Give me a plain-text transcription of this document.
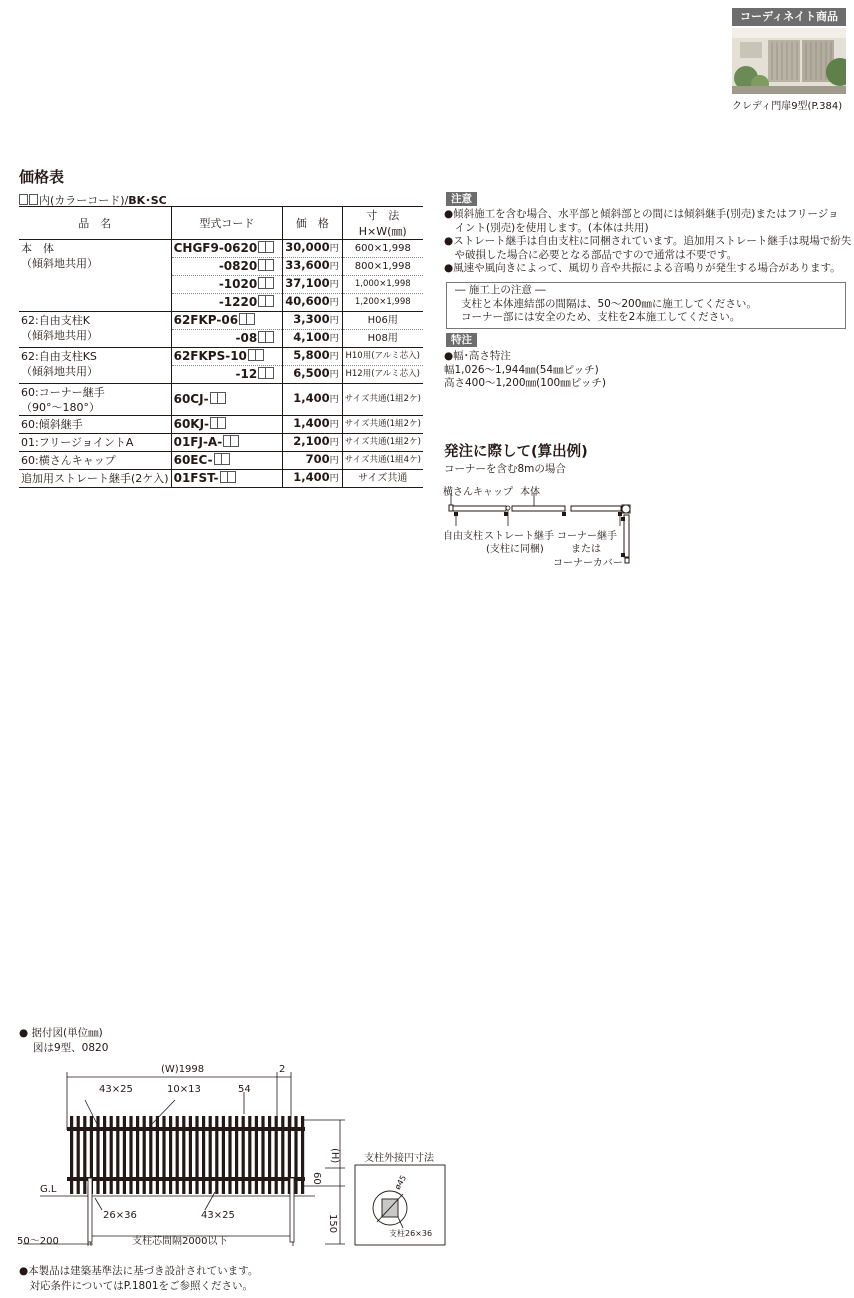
コーディネイト商品
クレディ門扉9型(P.384)
価格表
内(カラーコード)/BK･SC
品　名	型式コード	価　格	寸　法
H×W(㎜)

本　体
（傾斜地共用）	CHGF9-0620	30,000円	600×1,998
	-0820	33,600円	800×1,998
	-1020	37,100円	1,000×1,998
	-1220	40,600円	1,200×1,998

62:自由支柱K
（傾斜地共用）	62FKP-06	3,300円	H06用
	-08	4,100円	H08用

62:自由支柱KS
（傾斜地共用）	62FKPS-10	5,800円	H10用(アルミ芯入)
	-12	6,500円	H12用(アルミ芯入)

60:コーナー継手
（90°～180°）	60CJ-	1,400円	サイズ共通(1組2ケ)

60:傾斜継手	60KJ-	1,400円	サイズ共通(1組2ケ)

01:フリージョイントA	01FJ-A-	2,100円	サイズ共通(1組2ケ)

60:横さんキャップ	60EC-	700円	サイズ共通(1組4ケ)

追加用ストレート継手(2ケ入)	01FST-	1,400円	サイズ共通
注意
●傾斜施工を含む場合、水平部と傾斜部との間には傾斜継手(別売)またはフリージョ
　イント(別売)を使用します。(本体は共用)
●ストレート継手は自由支柱に同梱されています。追加用ストレート継手は現場で紛失
　や破損した場合に必要となる部品ですので通常は不要です。
●風速や風向きによって、風切り音や共振による音鳴りが発生する場合があります。
― 施工上の注意 ―
支柱と本体連結部の間隔は、50～200㎜に施工してください。
コーナー部には安全のため、支柱を2本施工してください。
特注
●幅･高さ特注
幅1,026～1,944㎜(54㎜ピッチ)
高さ400～1,200㎜(100㎜ピッチ)
発注に際して(算出例)
コーナーを含む8mの場合
横さんキャップ 本体
自由支柱 ストレート継手
(支柱に同梱)
コーナー継手
または
コーナーカバー
● 据付図(単位㎜)
図は9型、0820
(W)1998	2
43×25	10×13	54
(H)
60
150
G.L
26×36	43×25
50～200	支柱芯間隔2000以下
支柱外接円寸法
ø45
支柱26×36
●本製品は建築基準法に基づき設計されています。
　対応条件についてはP.1801をご参照ください。
